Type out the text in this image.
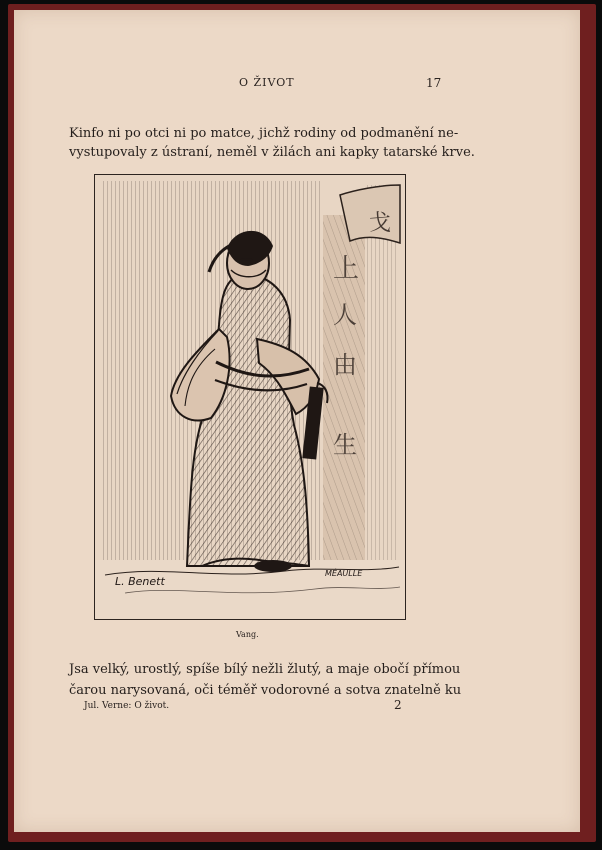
O ŽIVOT	17
Kinfo ni po otci ni po matce, jichž rodiny od podmanění ne-
vystupovaly z ústraní, neměl v žilách ani kapky tatarské krve.
上
人
由
生
戈
L. Benett
MÉAULLE
Vang.
Jsa velký, urostlý, spíše bílý nežli žlutý, a maje obočí přímou
čarou narysovaná, oči téměř vodorovné a sotva znatelně ku
Jul. Verne: O život.	2
